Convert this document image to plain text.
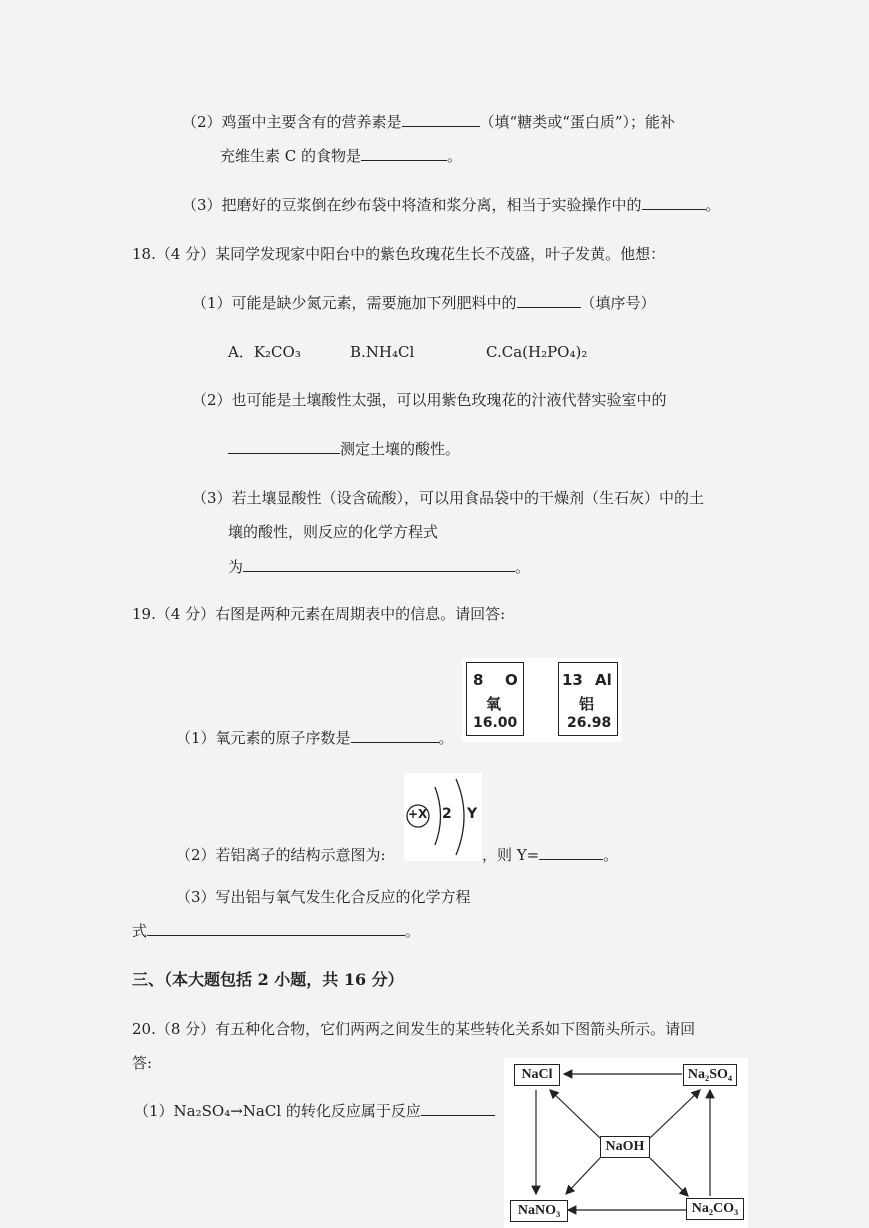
（2）鸡蛋中主要含有的营养素是	（填“糖类或“蛋白质”）；能补
充维生素 C 的食物是	。
（3）把磨好的豆浆倒在纱布袋中将渣和浆分离，相当于实验操作中的	。
18.（4 分）某同学发现家中阳台中的紫色玫瑰花生长不茂盛，叶子发黄。他想：
（1）可能是缺少氮元素，需要施加下列肥料中的	（填序号）
A．K₂CO₃	B.NH₄Cl	C.Ca(H₂PO₄)₂
（2）也可能是土壤酸性太强，可以用紫色玫瑰花的汁液代替实验室中的
测定土壤的酸性。
（3）若土壤显酸性（设含硫酸），可以用食品袋中的干燥剂（生石灰）中的土
壤的酸性，则反应的化学方程式
为	。
19.（4 分）右图是两种元素在周期表中的信息。请回答:
8 O
氧
16.00
13 Al
铝
26.98
（1）氧元素的原子序数是	。
+X 2 Y
（2）若铝离子的结构示意图为:	，则 Y=	。
（3）写出铝与氧气发生化合反应的化学方程
式	。
三、（本大题包括 2 小题，共 16 分）
20.（8 分）有五种化合物，它们两两之间发生的某些转化关系如下图箭头所示。请回
答:
（1）Na₂SO₄→NaCl 的转化反应属于反应
NaCl	Na₂SO₄
NaOH
NaNO₃	Na₂CO₃
